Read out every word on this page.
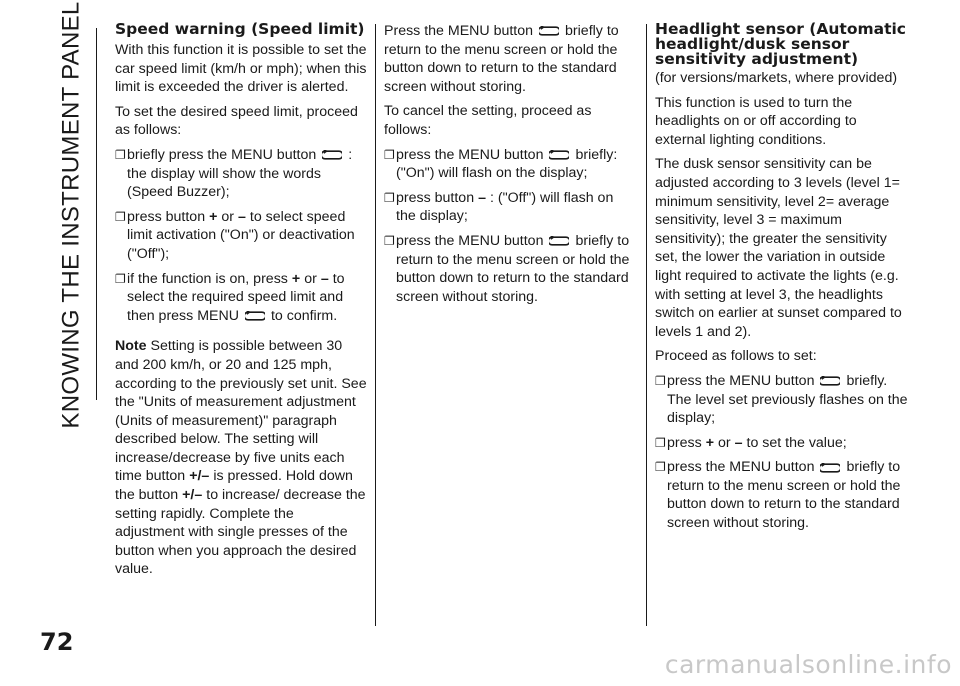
KNOWING THE INSTRUMENT PANEL
72
Speed warning (Speed limit)

With this function it is possible to set the car speed limit (km/h or mph); when this limit is exceeded the driver is alerted.

To set the desired speed limit, proceed as follows:

❐ briefly press the MENU button : the display will show the words (Speed Buzzer);
❐ press button + or – to select speed limit activation ("On") or deactivation ("Off");
❐ if the function is on, press + or – to select the required speed limit and then press MENU to confirm.

Note Setting is possible between 30 and 200 km/h, or 20 and 125 mph, according to the previously set unit. See the "Units of measurement adjustment (Units of measurement)" paragraph described below. The setting will increase/decrease by five units each time button +/– is pressed. Hold down the button +/– to increase/ decrease the setting rapidly. Complete the adjustment with single presses of the button when you approach the desired value.

Press the MENU button briefly to return to the menu screen or hold the button down to return to the standard screen without storing.

To cancel the setting, proceed as follows:

❐ press the MENU button briefly: ("On") will flash on the display;
❐ press button – : ("Off") will flash on the display;
❐ press the MENU button briefly to return to the menu screen or hold the button down to return to the standard screen without storing.
Headlight sensor (Automatic headlight/dusk sensor sensitivity adjustment)

(for versions/markets, where provided)

This function is used to turn the headlights on or off according to external lighting conditions.

The dusk sensor sensitivity can be adjusted according to 3 levels (level 1= minimum sensitivity, level 2= average sensitivity, level 3 = maximum sensitivity); the greater the sensitivity set, the lower the variation in outside light required to activate the lights (e.g. with setting at level 3, the headlights switch on earlier at sunset compared to levels 1 and 2).

Proceed as follows to set:

❐ press the MENU button briefly. The level set previously flashes on the display;
❐ press + or – to set the value;
❐ press the MENU button briefly to return to the menu screen or hold the button down to return to the standard screen without storing.
carmanualsonline.info
